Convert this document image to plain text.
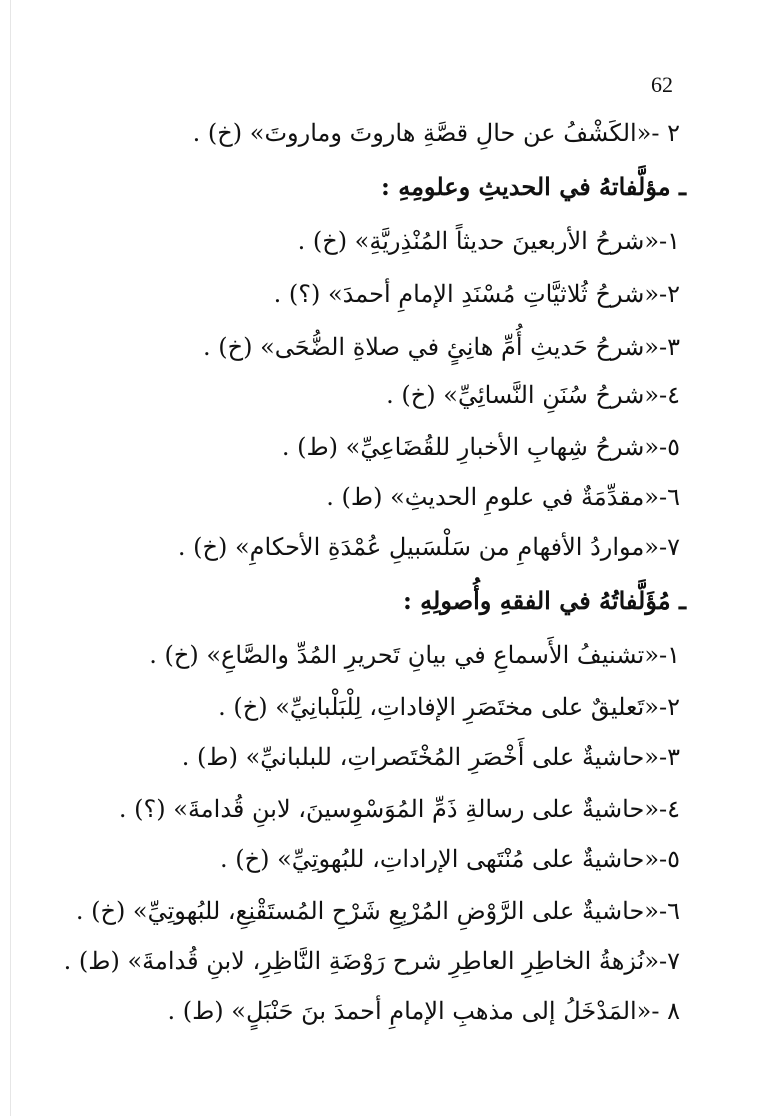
62
٢ -«الكَشْفُ عن حالِ قصَّةِ هاروتَ وماروتَ» (خ) .
ـ مؤلَّفاتهُ في الحديثِ وعلومِهِ :
١-«شرحُ الأربعينَ حديثاً المُنْذِريَّةِ» (خ) .
٢-«شرحُ ثُلاثيَّاتِ مُسْنَدِ الإمامِ أحمدَ» (؟) .
٣-«شرحُ حَديثِ أُمِّ هانِئٍ في صلاةِ الضُّحَى» (خ) .
٤-«شرحُ سُنَنِ النَّسائِيِّ» (خ) .
٥-«شرحُ شِهابِ الأخبارِ للقُضَاعِيِّ» (ط) .
٦-«مقدِّمَةٌ في علومِ الحديثِ» (ط) .
٧-«مواردُ الأفهامِ من سَلْسَبيلِ عُمْدَةِ الأحكامِ» (خ) .
ـ مُؤَلَّفاتُهُ في الفقهِ وأُصولِهِ :
١-«تشنيفُ الأَسماعِ في بيانِ تَحريرِ المُدِّ والصَّاعِ» (خ) .
٢-«تَعليقٌ على مختَصَرِ الإفاداتِ، لِلْبَلْبانِيِّ» (خ) .
٣-«حاشيةٌ على أَخْصَرِ المُخْتَصراتِ، للبلبانيِّ» (ط) .
٤-«حاشيةٌ على رسالةِ ذَمِّ المُوَسْوِسينَ، لابنِ قُدامةَ» (؟) .
٥-«حاشيةٌ على مُنْتَهى الإراداتِ، للبُهوتِيِّ» (خ) .
٦-«حاشيةٌ على الرَّوْضِ المُرْبِعِ شَرْحِ المُستَقْنِعِ، للبُهوتِيِّ» (خ) .
٧-«نُزهةُ الخاطِرِ العاطِرِ شرح رَوْضَةِ النَّاظِرِ، لابنِ قُدامةَ» (ط) .
٨ -«المَدْخَلُ إلى مذهبِ الإمامِ أحمدَ بنَ حَنْبَلٍ» (ط) .
